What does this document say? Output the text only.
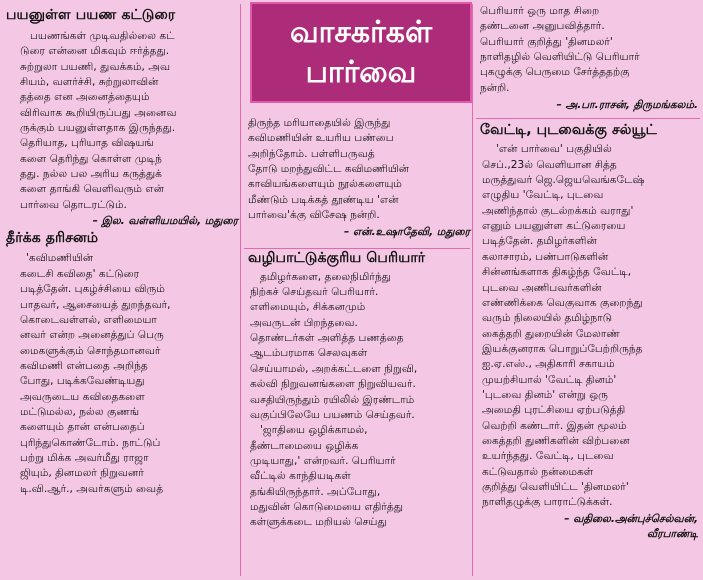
வாசகர்கள்
பார்வை
பயனுள்ள பயண கட்டுரை
பயணங்கள் முடிவதில்லை கட்
டுரை என்னை மிகவும் ஈர்த்தது.
சுற்றுலா பயணி, துவக்கம், அவ
சியம், வளர்ச்சி, சுற்றுலாவின்
தத்தை என அனைத்தையும்
விரிவாக கூறியிருப்பது அனைவ
ருக்கும் பயனுள்ளதாக இருந்தது.
தெரியாத, புரியாத விஷயங்
களை தெரிந்து கொள்ள முடிந்
தது. நல்ல பல அரிய கருத்துக்
களை தாங்கி வெளிவரும் என்
பார்வை தொடரட்டும்.
– இல. வள்ளியமயில், மதுரை
தீர்க்க தரிசனம்
'கவிமணியின்
கடைசி கவிதை' கட்டுரை
படித்தேன். புகழ்ச்சியை விரும்
பாதவர், ஆசையைத் துறந்தவர்,
கொடைவள்ளல், எளிமையா
னவர் என்ற அனைத்துப் பெரு
மைகளுக்கும் சொந்தமானவர்
கவிமணி என்பதை அறிந்த
போது, படிக்கவேண்டியது
அவருடைய கவிதைகளை
மட்டுமல்ல, நல்ல குணங்
களையும் தான் என்பதைப்
புரிந்துகொண்டோம். நாட்டுப்
பற்று மிக்க அவர்மீது ராஜா
ஜியும், தினமலர் நிறுவனர்
டி.வி.ஆர்., அவர்களும் வைத்
திருந்த மரியாதையில் இருந்து
கவிமணியின் உயரிய பண்பை
அறிந்தோம். பள்ளிபருவத்
தோடு மறந்துவிட்ட கவிமணியின்
காவியங்களையும் நூல்களையும்
மீண்டும் படிக்கத் தூண்டிய 'என்
பார்வை'க்கு விசேஷ நன்றி.
– என்.உஷாதேவி, மதுரை
வழிபாட்டுக்குரிய பெரியார்
தமிழர்களை, தலைநிமிர்ந்து
நிற்கச் செய்தவர் பெரியார்.
எளிமையும், சிக்கனமும்
அவருடன் பிறந்தவை.
தொண்டர்கள் அளித்த பணத்தை
ஆடம்பரமாக செலவுகள்
செய்யாமல், அறக்கட்டளை நிறுவி,
கல்வி நிறுவனங்களை நிறுவியவர்.
வசதியிருந்தும் ரயிலில் இரண்டாம்
வகுப்பிலேயே பயணம் செய்தவர்.
'ஜாதியை ஒழிக்காமல்,
தீண்டாமையை ஒழிக்க
முடியாது,' என்றவர். பெரியார்
வீட்டில் காந்தியடிகள்
தங்கியிருந்தார். அப்போது,
மதுவின் கொடுமையை எதிர்த்து
கள்ளுக்கடை மறியல் செய்து
பெரியார் ஒரு மாத சிறை
தண்டனை அனுபவித்தார்.
பெரியார் குறித்து 'தினமலர்'
நாளிதழில் வெளியிட்டு பெரியார்
புகழுக்கு பெருமை சேர்த்ததற்கு
நன்றி.
– அ.பா.ராசன், திருமங்கலம்.
வேட்டி, புடவைக்கு சல்யூட்
'என் பார்வை' பகுதியில்
செப்.,23ல் வெளியான சித்த
மருத்துவர் ஜெ.ஜெயவெங்கடேஷ்
எழுதிய 'வேட்டி, புடவை
அணிந்தால் குடல்றக்கம் வராது'
எனும் பயனுள்ள கட்டுரையை
படித்தேன். தமிழர்களின்
கலாசாரம், பண்பாடுகளின்
சின்னங்களாக திகழ்ந்த வேட்டி,
புடவை அணிபவர்களின்
எண்ணிக்கை வெகுவாக குறைந்து
வரும் நிலையில் தமிழ்நாடு
கைத்தறி துறையின் மேலாண்
இயக்குனராக பொறுப்பேற்றிருந்த
ஐ.ஏ.எஸ்., அதிகாரி சகாயம்
முயற்சியால் 'வேட்டி தினம்'
'புடவை தினம்' என்று ஒரு
அமைதி புரட்சியை ஏற்படுத்தி
வெற்றி கண்டார். இதன் மூலம்
கைத்தறி துணிகளின் விற்பனை
உயர்ந்தது. வேட்டி, புடவை
கட்டுவதால் நன்மைகள்
குறித்து வெளியிட்ட 'தினமலர்'
நாளிதழுக்கு பாராட்டுக்கள்.
– வதிலை.அன்புச்செல்வன்,
வீரபாண்டி
